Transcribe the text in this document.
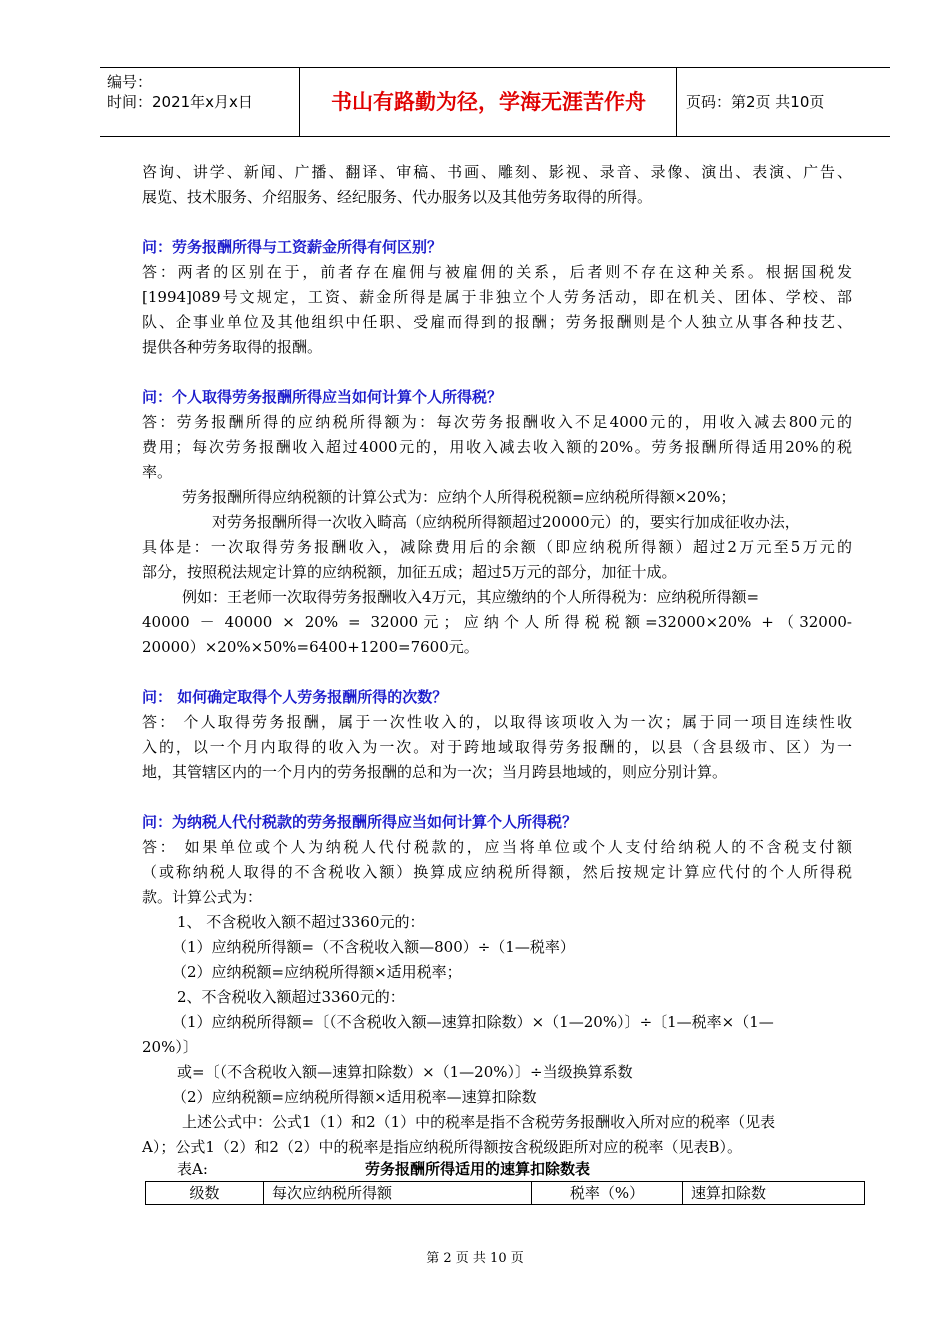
编号：
时间：2021年x月x日	书山有路勤为径，学海无涯苦作舟	页码：第2页 共10页

咨询、讲学、新闻、广播、翻译、审稿、书画、雕刻、影视、录音、录像、演出、表演、广告、

展览、技术服务、介绍服务、经纪服务、代办服务以及其他劳务取得的所得。

问：劳务报酬所得与工资薪金所得有何区别？

答：两者的区别在于，前者存在雇佣与被雇佣的关系，后者则不存在这种关系。根据国税发

[1994]089号文规定，工资、薪金所得是属于非独立个人劳务活动，即在机关、团体、学校、部

队、企事业单位及其他组织中任职、受雇而得到的报酬；劳务报酬则是个人独立从事各种技艺、

提供各种劳务取得的报酬。

问：个人取得劳务报酬所得应当如何计算个人所得税？

答：劳务报酬所得的应纳税所得额为：每次劳务报酬收入不足4000元的，用收入减去800元的

费用；每次劳务报酬收入超过4000元的，用收入减去收入额的20%。劳务报酬所得适用20%的税

率。

劳务报酬所得应纳税额的计算公式为：应纳个人所得税税额=应纳税所得额×20%；

对劳务报酬所得一次收入畸高（应纳税所得额超过20000元）的，要实行加成征收办法，

具体是：一次取得劳务报酬收入，减除费用后的余额（即应纳税所得额）超过2万元至5万元的

部分，按照税法规定计算的应纳税额，加征五成；超过5万元的部分，加征十成。

例如：王老师一次取得劳务报酬收入4万元，其应缴纳的个人所得税为：应纳税所得额=

40000 － 40000 × 20% = 32000元；应纳个人所得税税额=32000×20% +（32000-

20000）×20%×50%=6400+1200=7600元。

问： 如何确定取得个人劳务报酬所得的次数？

答： 个人取得劳务报酬，属于一次性收入的，以取得该项收入为一次；属于同一项目连续性收

入的，以一个月内取得的收入为一次。对于跨地域取得劳务报酬的，以县（含县级市、区）为一

地，其管辖区内的一个月内的劳务报酬的总和为一次；当月跨县地域的，则应分别计算。

问：为纳税人代付税款的劳务报酬所得应当如何计算个人所得税？

答： 如果单位或个人为纳税人代付税款的，应当将单位或个人支付给纳税人的不含税支付额

（或称纳税人取得的不含税收入额）换算成应纳税所得额，然后按规定计算应代付的个人所得税

款。计算公式为：

1、 不含税收入额不超过3360元的：

（1）应纳税所得额=（不含税收入额—800）÷（1—税率）

（2）应纳税额=应纳税所得额×适用税率；

2、不含税收入额超过3360元的：

（1）应纳税所得额=〔（不含税收入额—速算扣除数）×（1—20%）〕÷〔1—税率×（1—

20%）〕

或=〔（不含税收入额—速算扣除数）×（1—20%）〕÷当级换算系数

（2）应纳税额=应纳税所得额×适用税率—速算扣除数

上述公式中：公式1（1）和2（1）中的税率是指不含税劳务报酬收入所对应的税率（见表

A）；公式1（2）和2（2）中的税率是指应纳税所得额按含税级距所对应的税率（见表B）。

表A:	劳务报酬所得适用的速算扣除数表
级数	每次应纳税所得额	税率（%）	速算扣除数
第 2 页 共 10 页
